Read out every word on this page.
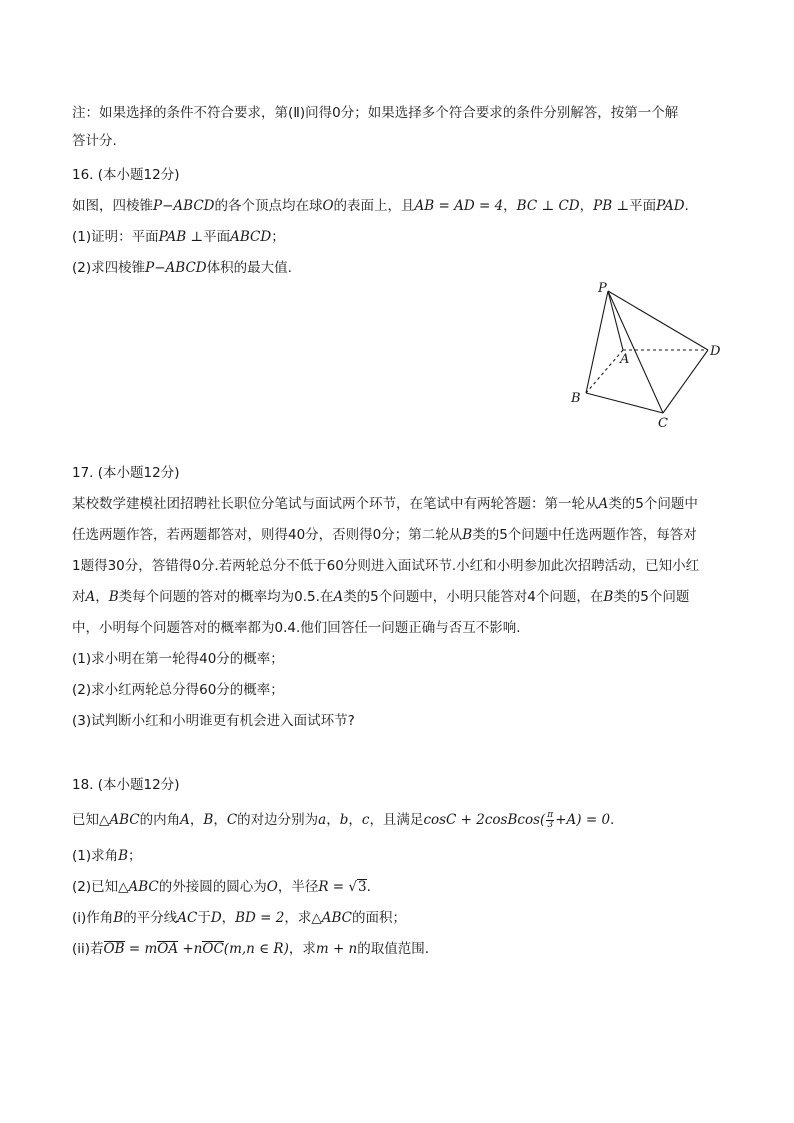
注：如果选择的条件不符合要求，第(Ⅱ)问得0分；如果选择多个符合要求的条件分别解答，按第一个解
答计分.
16. (本小题12分)
如图，四棱锥P−ABCD的各个顶点均在球O的表面上，且AB = AD = 4，BC ⊥ CD，PB ⊥平面PAD.
(1)证明：平面PAB ⊥平面ABCD；
(2)求四棱锥P−ABCD体积的最大值.
P
A
B
C
D
17. (本小题12分)
某校数学建模社团招聘社长职位分笔试与面试两个环节，在笔试中有两轮答题：第一轮从A类的5个问题中
任选两题作答，若两题都答对，则得40分，否则得0分；第二轮从B类的5个问题中任选两题作答，每答对
1题得30分，答错得0分.若两轮总分不低于60分则进入面试环节.小红和小明参加此次招聘活动，已知小红
对A，B类每个问题的答对的概率均为0.5.在A类的5个问题中，小明只能答对4个问题，在B类的5个问题
中，小明每个问题答对的概率都为0.4.他们回答任一问题正确与否互不影响.
(1)求小明在第一轮得40分的概率；
(2)求小红两轮总分得60分的概率；
(3)试判断小红和小明谁更有机会进入面试环节?
18. (本小题12分)
已知△ABC的内角A，B，C的对边分别为a，b，c，且满足cosC + 2cosBcos( $\frac{\pi}{3} +A) = 0$.
(1)求角B；
(2)已知△ABC的外接圆的圆心为O，半径R = √3.
(i)作角B的平分线AC于D，BD = 2，求△ABC的面积；
(ii)若OB = mOA +nOC(m,n ∈ R)，求m + n的取值范围.
